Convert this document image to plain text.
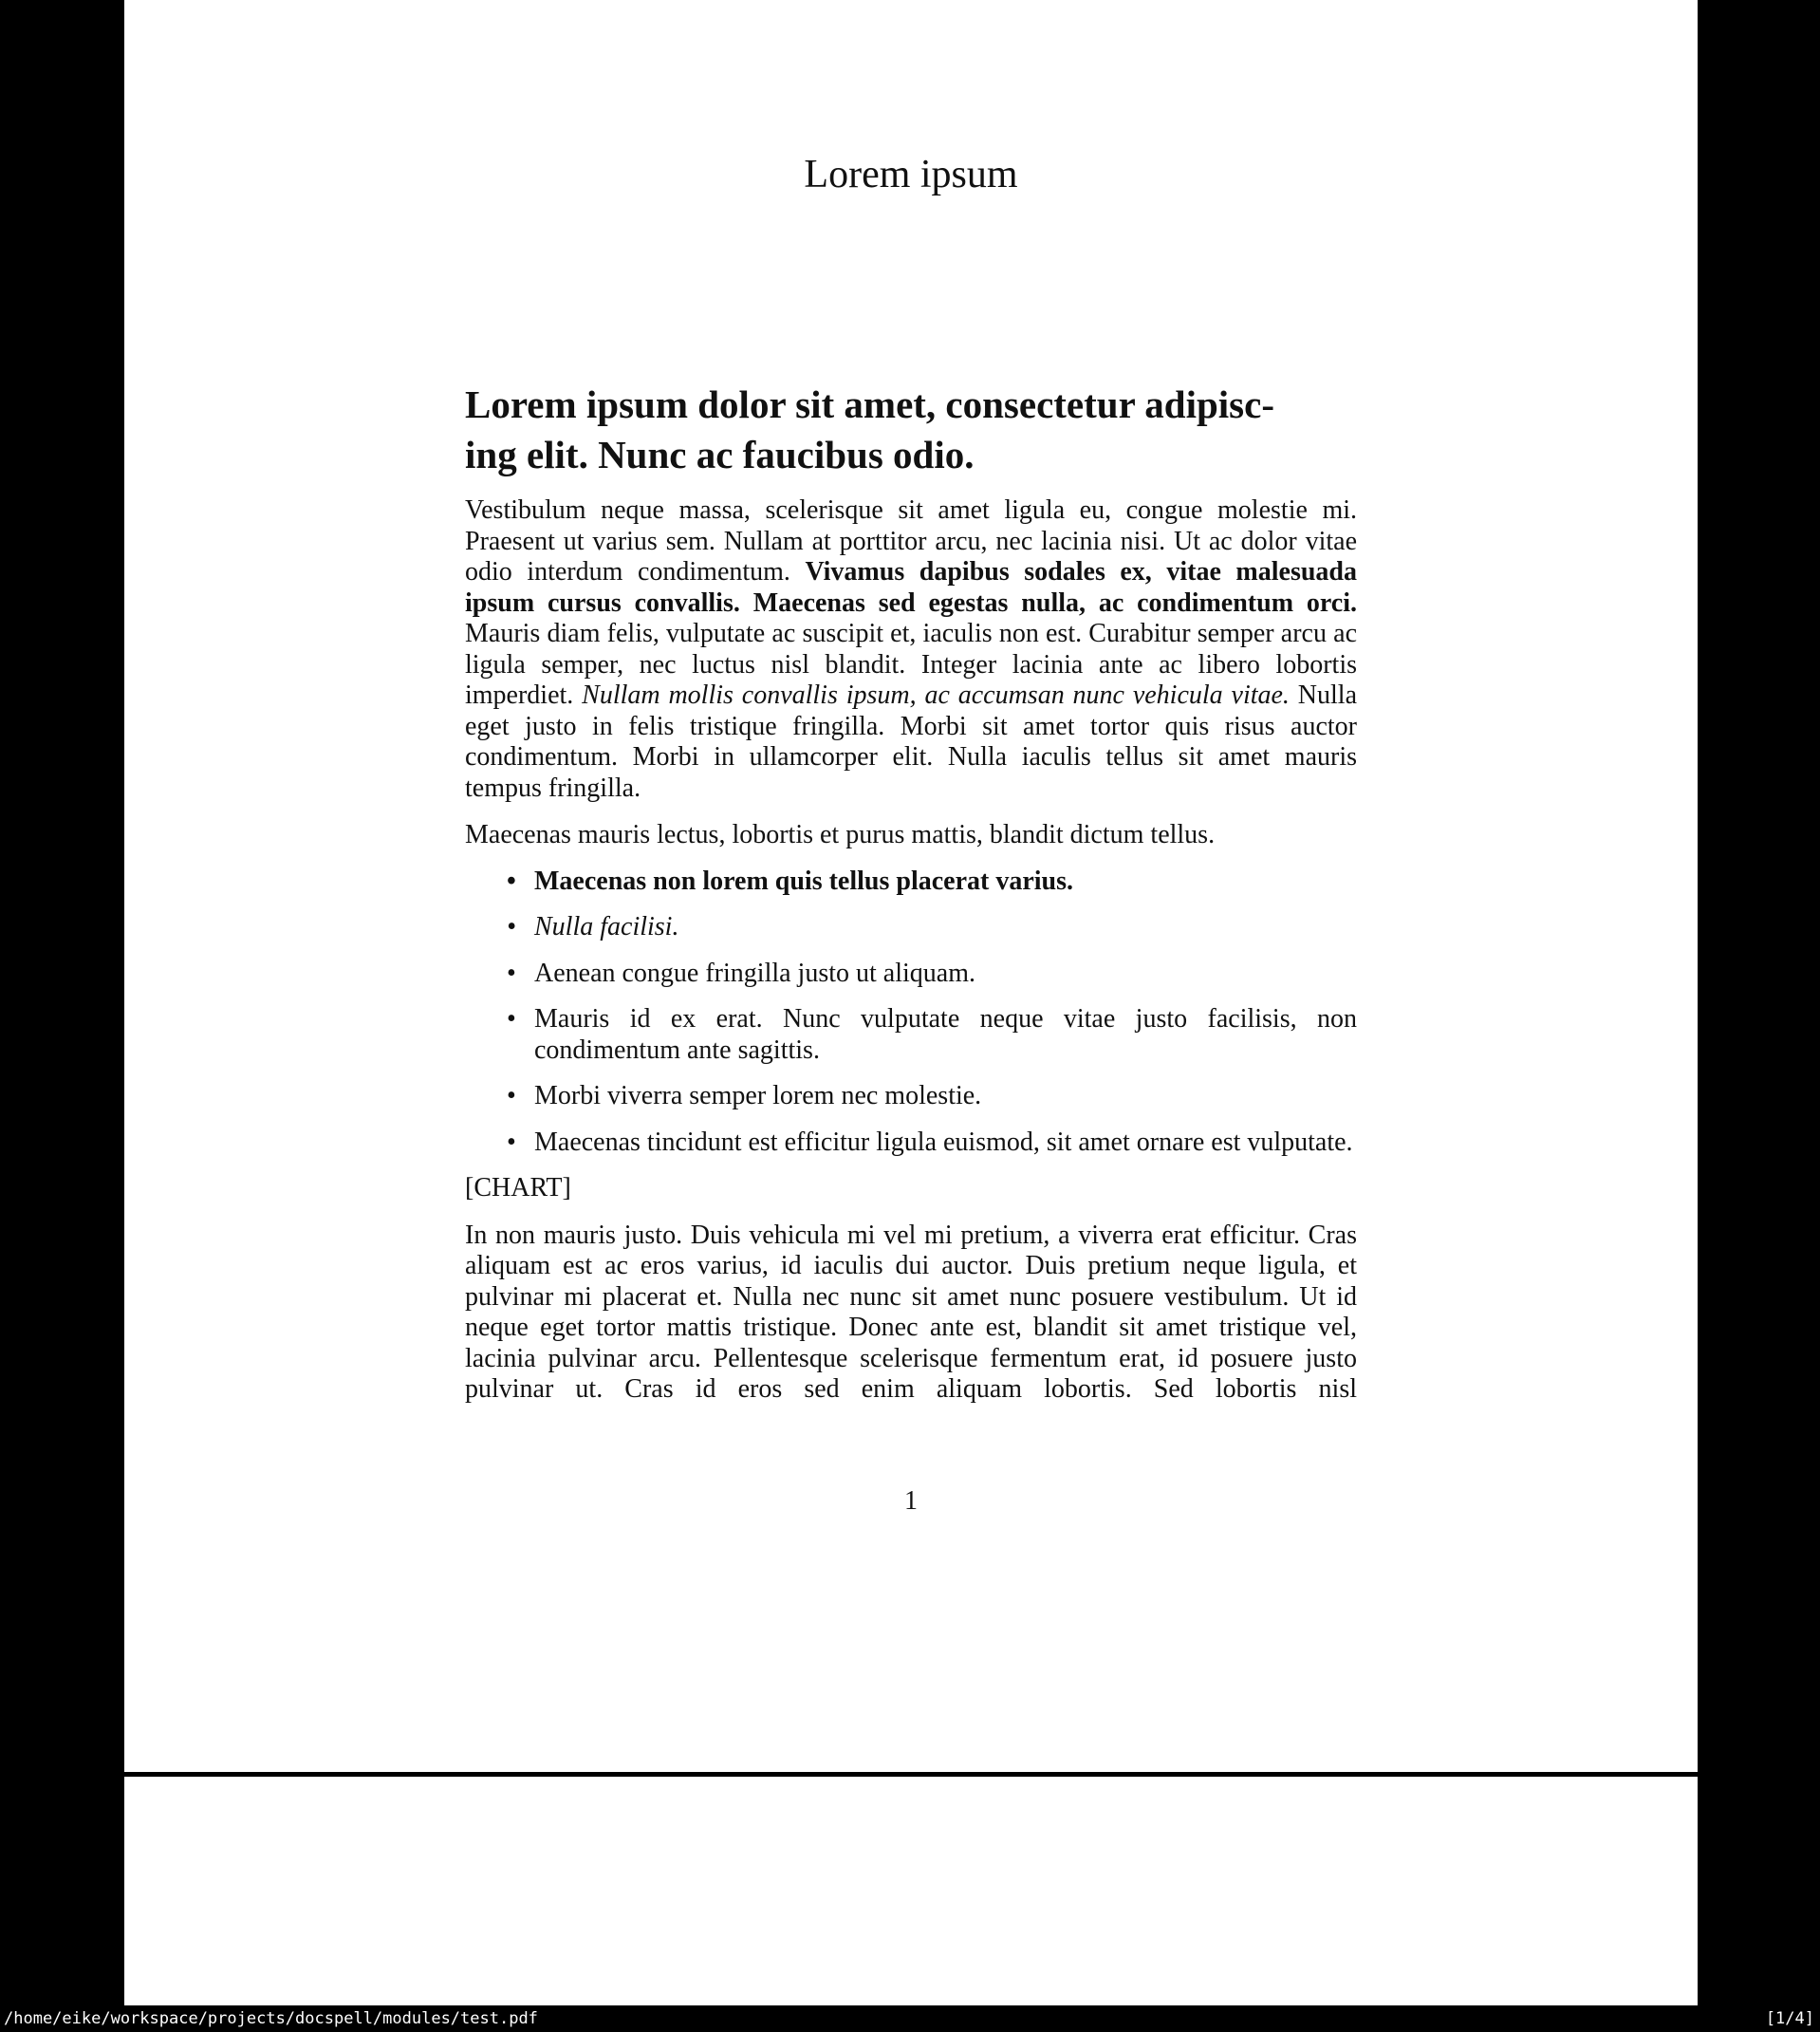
Lorem ipsum
Lorem ipsum dolor sit amet, consectetur adipisc-
ing elit. Nunc ac faucibus odio.

Vestibulum neque massa, scelerisque sit amet ligula eu, congue molestie mi. Praesent ut varius sem. Nullam at porttitor arcu, nec lacinia nisi. Ut ac dolor vitae odio interdum condimentum. Vivamus dapibus sodales ex, vitae malesuada ipsum cursus convallis. Maecenas sed egestas nulla, ac condimentum orci. Mauris diam felis, vulputate ac suscipit et, iaculis non est. Curabitur semper arcu ac ligula semper, nec luctus nisl blandit. Integer lacinia ante ac libero lobortis imperdiet. Nullam mollis convallis ipsum, ac accumsan nunc vehicula vitae. Nulla eget justo in felis tristique fringilla. Morbi sit amet tortor quis risus auctor condimentum. Morbi in ullamcorper elit. Nulla iaculis tellus sit amet mauris tempus fringilla.

Maecenas mauris lectus, lobortis et purus mattis, blandit dictum tellus.

• Maecenas non lorem quis tellus placerat varius.
• Nulla facilisi.
• Aenean congue fringilla justo ut aliquam.
• Mauris id ex erat. Nunc vulputate neque vitae justo facilisis, non condimentum ante sagittis.
• Morbi viverra semper lorem nec molestie.
• Maecenas tincidunt est efficitur ligula euismod, sit amet ornare est vulputate.

[CHART]

In non mauris justo. Duis vehicula mi vel mi pretium, a viverra erat efficitur. Cras aliquam est ac eros varius, id iaculis dui auctor. Duis pretium neque ligula, et pulvinar mi placerat et. Nulla nec nunc sit amet nunc posuere vestibulum. Ut id neque eget tortor mattis tristique. Donec ante est, blandit sit amet tristique vel, lacinia pulvinar arcu. Pellentesque scelerisque fermentum erat, id posuere justo pulvinar ut. Cras id eros sed enim aliquam lobortis. Sed lobortis nisl

1
/home/eike/workspace/projects/docspell/modules/test.pdf	[1/4]
